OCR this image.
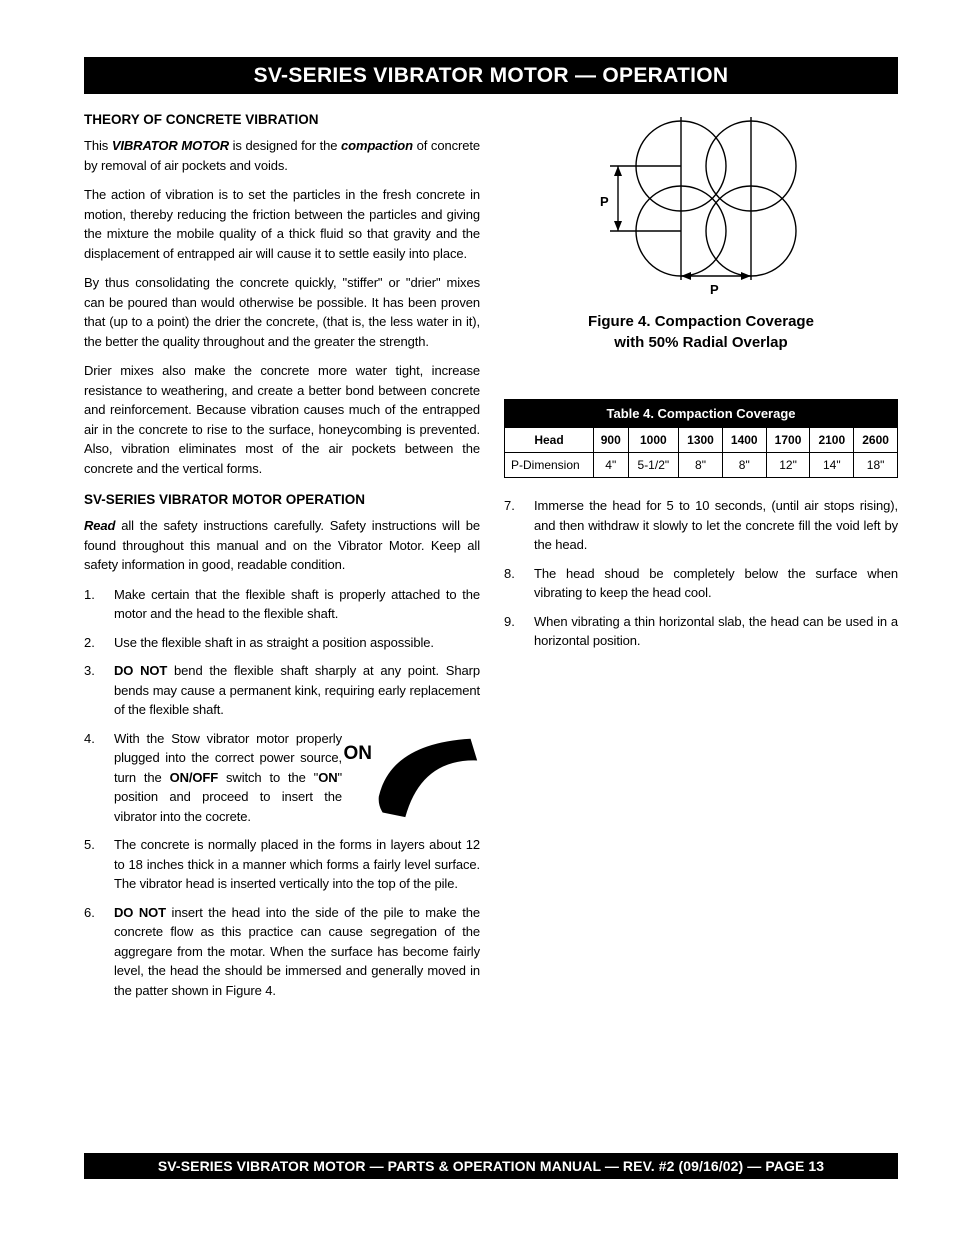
SV-SERIES VIBRATOR MOTOR — OPERATION
THEORY OF CONCRETE VIBRATION

This VIBRATOR MOTOR is designed for the compaction of concrete by removal of air pockets and voids.

The action of vibration is to set the particles in the fresh concrete in motion, thereby reducing the friction between the particles and giving the mixture the mobile quality of a thick fluid so that gravity and the displacement of entrapped air will cause it to settle easily into place.

By thus consolidating the concrete quickly, "stiffer" or "drier" mixes can be poured than would otherwise be possible. It has been proven that (up to a point) the drier the concrete, (that is, the less water in it), the better the quality throughout and the greater the strength.

Drier mixes also make the concrete more water tight, increase resistance to weathering, and create a better bond between concrete and reinforcement. Because vibration causes much of the entrapped air in the concrete to rise to the surface, honeycombing is prevented. Also, vibration eliminates most of the air pockets between the concrete and the vertical forms.

SV-SERIES VIBRATOR MOTOR OPERATION

Read all the safety instructions carefully. Safety instructions will be found throughout this manual and on the Vibrator Motor. Keep all safety information in good, readable condition.

1.	Make certain that the flexible shaft is properly attached to the motor and the head to the flexible shaft.

2.	Use the flexible shaft in as straight a position aspossible.

3.	DO NOT bend the flexible shaft sharply at any point. Sharp bends may cause a permanent kink, requiring early replacement of the flexible shaft.

4.	With the Stow vibrator motor properly plugged into the correct power source, turn the ON/OFF switch to the "ON" position and proceed to insert the vibrator into the cocrete.

ON
5.	The concrete is normally placed in the forms in layers about 12 to 18 inches thick in a manner which forms a fairly level surface. The vibrator head is inserted vertically into the top of the pile.

6.	DO NOT insert the head into the side of the pile to make the concrete flow as this practice can cause segregation of the aggregare from the motar. When the surface has become fairly level, the head the should be immersed and generally moved in the patter shown in Figure 4.

P
P
Figure 4. Compaction Coverage
with 50% Radial Overlap
Table 4. Compaction Coverage							
Head	900	1000	1300	1400	1700	2100	2600
P-Dimension	4"	5-1/2"	8"	8"	12"	14"	18"
7.	Immerse the head for 5 to 10 seconds, (until air stops rising), and then withdraw it slowly to let the concrete fill the void left by the head.

8.	The head shoud be completely below the surface when vibrating to keep the head cool.

9.	When vibrating a thin horizontal slab, the head can be used in a horizontal position.

SV-SERIES VIBRATOR MOTOR — PARTS & OPERATION MANUAL — REV. #2 (09/16/02) — PAGE 13
